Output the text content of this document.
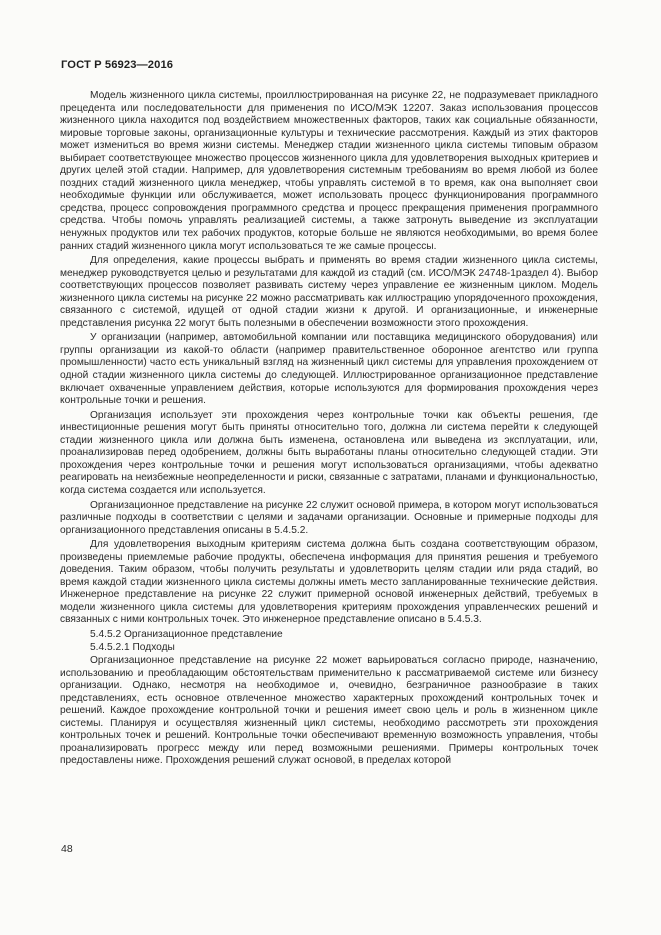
ГОСТ Р 56923—2016

Модель жизненного цикла системы, проиллюстрированная на рисунке 22, не подразумевает прикладного прецедента или последовательности для применения по ИСО/МЭК 12207. Заказ использования процессов жизненного цикла находится под воздействием множественных факторов, таких как социальные обязанности, мировые торговые законы, организационные культуры и технические рассмотрения. Каждый из этих факторов может измениться во время жизни системы. Менеджер стадии жизненного цикла системы типовым образом выбирает соответствующее множество процессов жизненного цикла для удовлетворения выходных критериев и других целей этой стадии. Например, для удовлетворения системным требованиям во время любой из более поздних стадий жизненного цикла менеджер, чтобы управлять системой в то время, как она выполняет свои необходимые функции или обслуживается, может использовать процесс функционирования программного средства, процесс сопровождения программного средства и процесс прекращения применения программного средства. Чтобы помочь управлять реализацией системы, а также затронуть выведение из эксплуатации ненужных продуктов или тех рабочих продуктов, которые больше не являются необходимыми, во время более ранних стадий жизненного цикла могут использоваться те же самые процессы.

Для определения, какие процессы выбрать и применять во время стадии жизненного цикла системы, менеджер руководствуется целью и результатами для каждой из стадий (см. ИСО/МЭК 24748-1раздел 4). Выбор соответствующих процессов позволяет развивать систему через управление ее жизненным циклом. Модель жизненного цикла системы на рисунке 22 можно рассматривать как иллюстрацию упорядоченного прохождения, связанного с системой, идущей от одной стадии жизни к другой. И организационные, и инженерные представления рисунка 22 могут быть полезными в обеспечении возможности этого прохождения.

У организации (например, автомобильной компании или поставщика медицинского оборудования) или группы организации из какой-то области (например правительственное оборонное агентство или группа промышленности) часто есть уникальный взгляд на жизненный цикл системы для управления прохождением от одной стадии жизненного цикла системы до следующей. Иллюстрированное организационное представление включает охваченные управлением действия, которые используются для формирования прохождения через контрольные точки и решения.

Организация использует эти прохождения через контрольные точки как объекты решения, где инвестиционные решения могут быть приняты относительно того, должна ли система перейти к следующей стадии жизненного цикла или должна быть изменена, остановлена или выведена из эксплуатации, или, проанализировав перед одобрением, должны быть выработаны планы относительно следующей стадии. Эти прохождения через контрольные точки и решения могут использоваться организациями, чтобы адекватно реагировать на неизбежные неопределенности и риски, связанные с затратами, планами и функциональностью, когда система создается или используется.

Организационное представление на рисунке 22 служит основой примера, в котором могут использоваться различные подходы в соответствии с целями и задачами организации. Основные и примерные подходы для организационного представления описаны в 5.4.5.2.

Для удовлетворения выходным критериям система должна быть создана соответствующим образом, произведены приемлемые рабочие продукты, обеспечена информация для принятия решения и требуемого доведения. Таким образом, чтобы получить результаты и удовлетворить целям стадии или ряда стадий, во время каждой стадии жизненного цикла системы должны иметь место запланированные технические действия. Инженерное представление на рисунке 22 служит примерной основой инженерных действий, требуемых в модели жизненного цикла системы для удовлетворения критериям прохождения управленческих решений и связанных с ними контрольных точек. Это инженерное представление описано в 5.4.5.3.

5.4.5.2 Организационное представление

5.4.5.2.1 Подходы

Организационное представление на рисунке 22 может варьироваться согласно природе, назначению, использованию и преобладающим обстоятельствам применительно к рассматриваемой системе или бизнесу организации. Однако, несмотря на необходимое и, очевидно, безграничное разнообразие в таких представлениях, есть основное отвлеченное множество характерных прохождений контрольных точек и решений. Каждое прохождение контрольной точки и решения имеет свою цель и роль в жизненном цикле системы. Планируя и осуществляя жизненный цикл системы, необходимо рассмотреть эти прохождения контрольных точек и решений. Контрольные точки обеспечивают временную возможность управления, чтобы проанализировать прогресс между или перед возможными решениями. Примеры контрольных точек предоставлены ниже. Прохождения решений служат основой, в пределах которой

48
